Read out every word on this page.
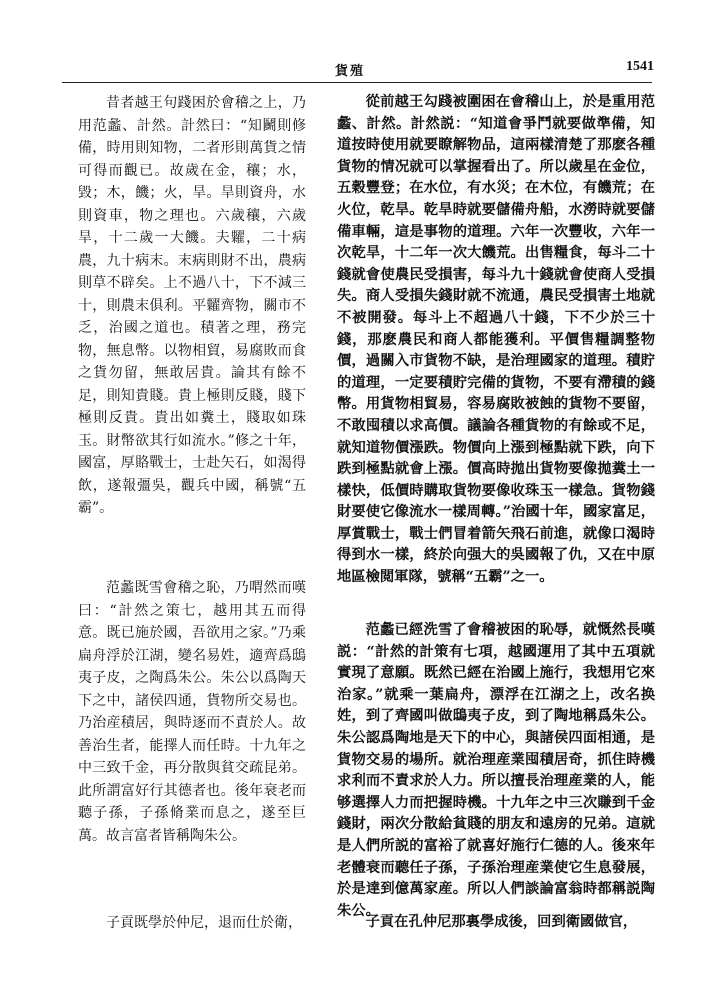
貨殖	1541

昔者越王句踐困於會稽之上，乃用范蠡、計然。計然曰：“知鬭則修備，時用則知物，二者形則萬貨之情可得而觀已。故歲在金，穰；水，毀；木，饑；火，旱。旱則資舟，水則資車，物之理也。六歲穰，六歲旱，十二歲一大饑。夫糶，二十病農，九十病末。末病則財不出，農病則草不辟矣。上不過八十，下不減三十，則農末俱利。平糶齊物，關市不乏，治國之道也。積著之理，務完物，無息幣。以物相貿，易腐敗而食之貨勿留，無敢居貴。論其有餘不足，則知貴賤。貴上極則反賤，賤下極則反貴。貴出如糞土，賤取如珠玉。財幣欲其行如流水。”修之十年，國富，厚賂戰士，士赴矢石，如渴得飲，遂報彊吳，觀兵中國，稱號“五霸”。

范蠡既雪會稽之恥，乃喟然而嘆曰：“計然之策七，越用其五而得意。既已施於國，吾欲用之家。”乃乘扁舟浮於江湖，變名易姓，適齊爲鴟夷子皮，之陶爲朱公。朱公以爲陶天下之中，諸侯四通，貨物所交易也。乃治産積居，與時逐而不責於人。故善治生者，能擇人而任時。十九年之中三致千金，再分散與貧交疏昆弟。此所謂富好行其德者也。後年衰老而聽子孫，子孫脩業而息之，遂至巨萬。故言富者皆稱陶朱公。

子貢既學於仲尼，退而仕於衛，

從前越王勾踐被圍困在會稽山上，於是重用范蠡、計然。計然説：“知道會爭鬥就要做準備，知道按時使用就要瞭解物品，這兩樣清楚了那麽各種貨物的情况就可以掌握看出了。所以歲星在金位，五穀豐登；在水位，有水災；在木位，有饑荒；在火位，乾旱。乾旱時就要儲備舟船，水澇時就要儲備車輛，這是事物的道理。六年一次豐收，六年一次乾旱，十二年一次大饑荒。出售糧食，每斗二十錢就會使農民受損害，每斗九十錢就會使商人受損失。商人受損失錢財就不流通，農民受損害土地就不被開發。每斗上不超過八十錢，下不少於三十錢，那麽農民和商人都能獲利。平價售糧調整物價，過關入市貨物不缺，是治理國家的道理。積貯的道理，一定要積貯完備的貨物，不要有滯積的錢幣。用貨物相貿易，容易腐敗被蝕的貨物不要留，不敢囤積以求高價。議論各種貨物的有餘或不足，就知道物價漲跌。物價向上漲到極點就下跌，向下跌到極點就會上漲。價高時拋出貨物要像拋糞土一樣快，低價時購取貨物要像收珠玉一樣急。貨物錢財要使它像流水一樣周轉。”治國十年，國家富足，厚賞戰士，戰士們冒着箭矢飛石前進，就像口渴時得到水一樣，終於向强大的吳國報了仇，又在中原地區檢閲軍隊，號稱“五霸”之一。

范蠡已經洗雪了會稽被困的恥辱，就慨然長嘆説：“計然的計策有七項，越國運用了其中五項就實現了意願。既然已經在治國上施行，我想用它來治家。”就乘一葉扁舟，漂浮在江湖之上，改名换姓，到了齊國叫做鴟夷子皮，到了陶地稱爲朱公。朱公認爲陶地是天下的中心，與諸侯四面相通，是貨物交易的場所。就治理産業囤積居奇，抓住時機求利而不責求於人力。所以擅長治理産業的人，能够選擇人力而把握時機。十九年之中三次賺到千金錢財，兩次分散給貧賤的朋友和遠房的兄弟。這就是人們所説的富裕了就喜好施行仁德的人。後來年老體衰而聽任子孫，子孫治理産業使它生息發展，於是達到億萬家産。所以人們談論富翁時都稱説陶朱公。

子貢在孔仲尼那裏學成後，回到衛國做官，
